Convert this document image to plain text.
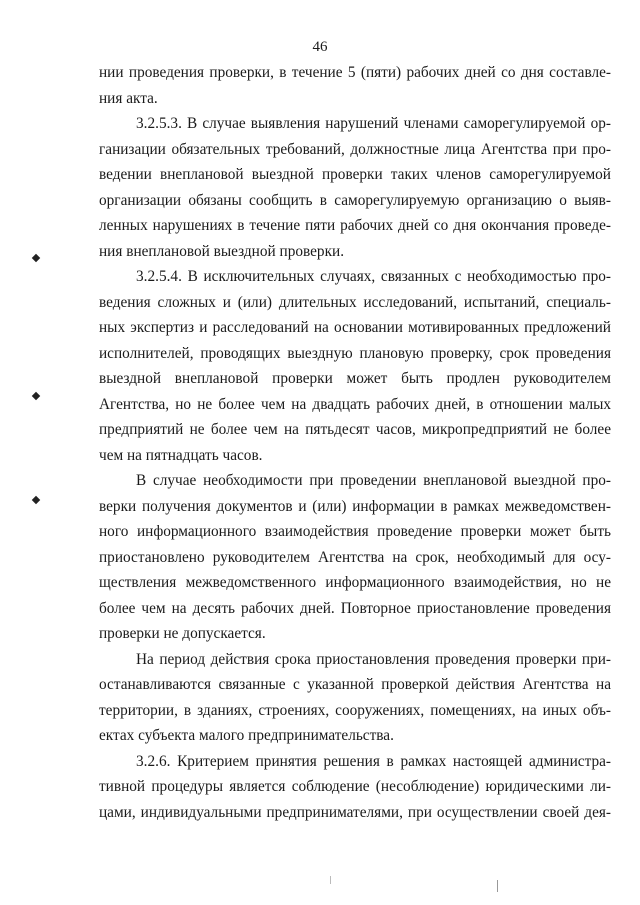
46
нии проведения проверки, в течение 5 (пяти) рабочих дней со дня составле-
ния акта.
3.2.5.3. В случае выявления нарушений членами саморегулируемой ор-
ганизации обязательных требований, должностные лица Агентства при про-
ведении внеплановой выездной проверки таких членов саморегулируемой
организации обязаны сообщить в саморегулируемую организацию о выяв-
ленных нарушениях в течение пяти рабочих дней со дня окончания проведе-
ния внеплановой выездной проверки.
3.2.5.4. В исключительных случаях, связанных с необходимостью про-
ведения сложных и (или) длительных исследований, испытаний, специаль-
ных экспертиз и расследований на основании мотивированных предложений
исполнителей, проводящих выездную плановую проверку, срок проведения
выездной внеплановой проверки может быть продлен руководителем
Агентства, но не более чем на двадцать рабочих дней, в отношении малых
предприятий не более чем на пятьдесят часов, микропредприятий не более
чем на пятнадцать часов.
В случае необходимости при проведении внеплановой выездной про-
верки получения документов и (или) информации в рамках межведомствен-
ного информационного взаимодействия проведение проверки может быть
приостановлено руководителем Агентства на срок, необходимый для осу-
ществления межведомственного информационного взаимодействия, но не
более чем на десять рабочих дней. Повторное приостановление проведения
проверки не допускается.
На период действия срока приостановления проведения проверки при-
останавливаются связанные с указанной проверкой действия Агентства на
территории, в зданиях, строениях, сооружениях, помещениях, на иных объ-
ектах субъекта малого предпринимательства.
3.2.6. Критерием принятия решения в рамках настоящей администра-
тивной процедуры является соблюдение (несоблюдение) юридическими ли-
цами, индивидуальными предпринимателями, при осуществлении своей дея-
